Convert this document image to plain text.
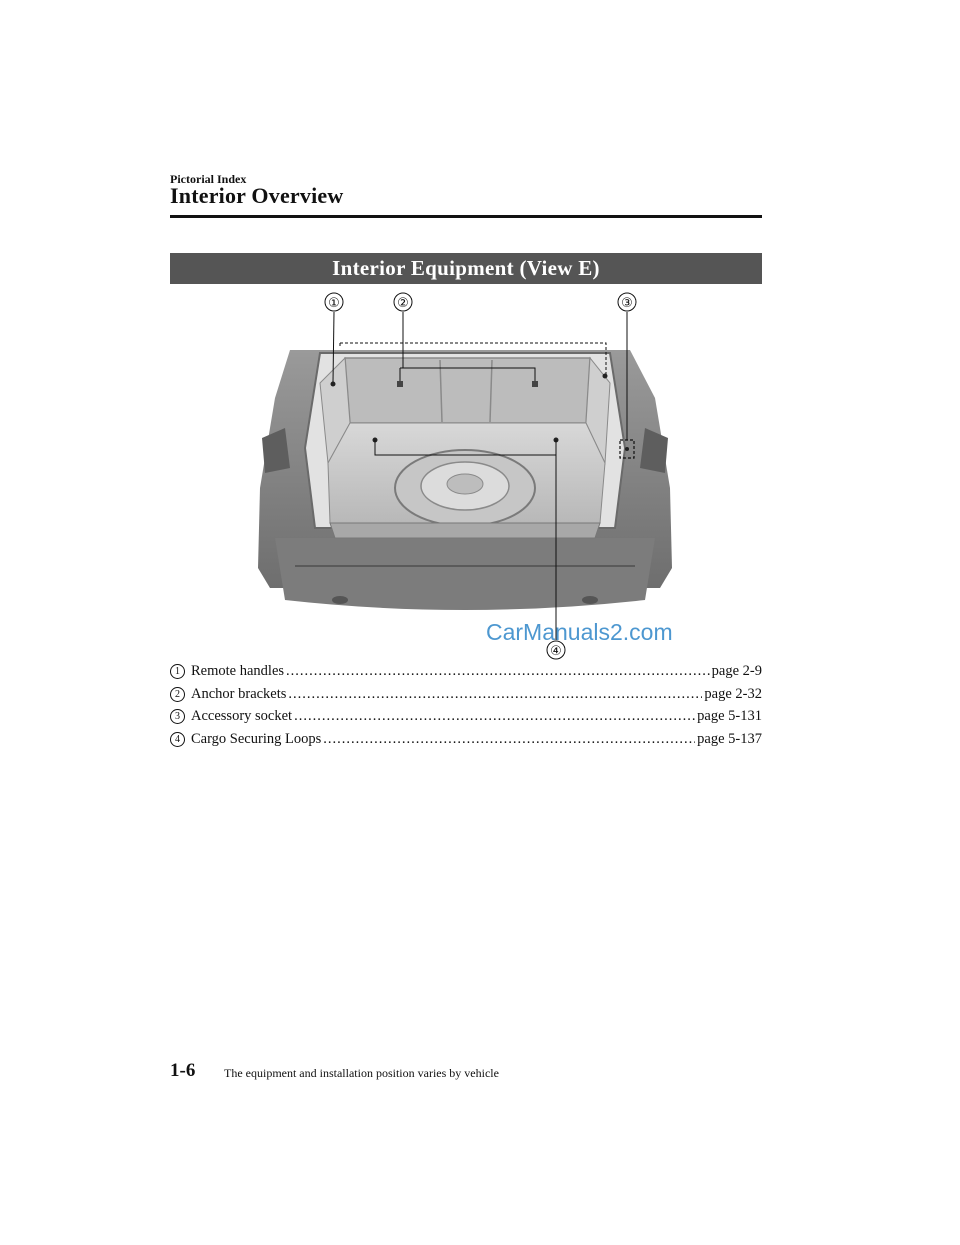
Pictorial Index
Interior Overview
Interior Equipment (View E)
①	②	③
④
CarManuals2.com
1 Remote handles .....	page 2-9
2 Anchor brackets .....	page 2-32
3 Accessory socket .....	page 5-131
4 Cargo Securing Loops .....	page 5-137
1-6 The equipment and installation position varies by vehicle
